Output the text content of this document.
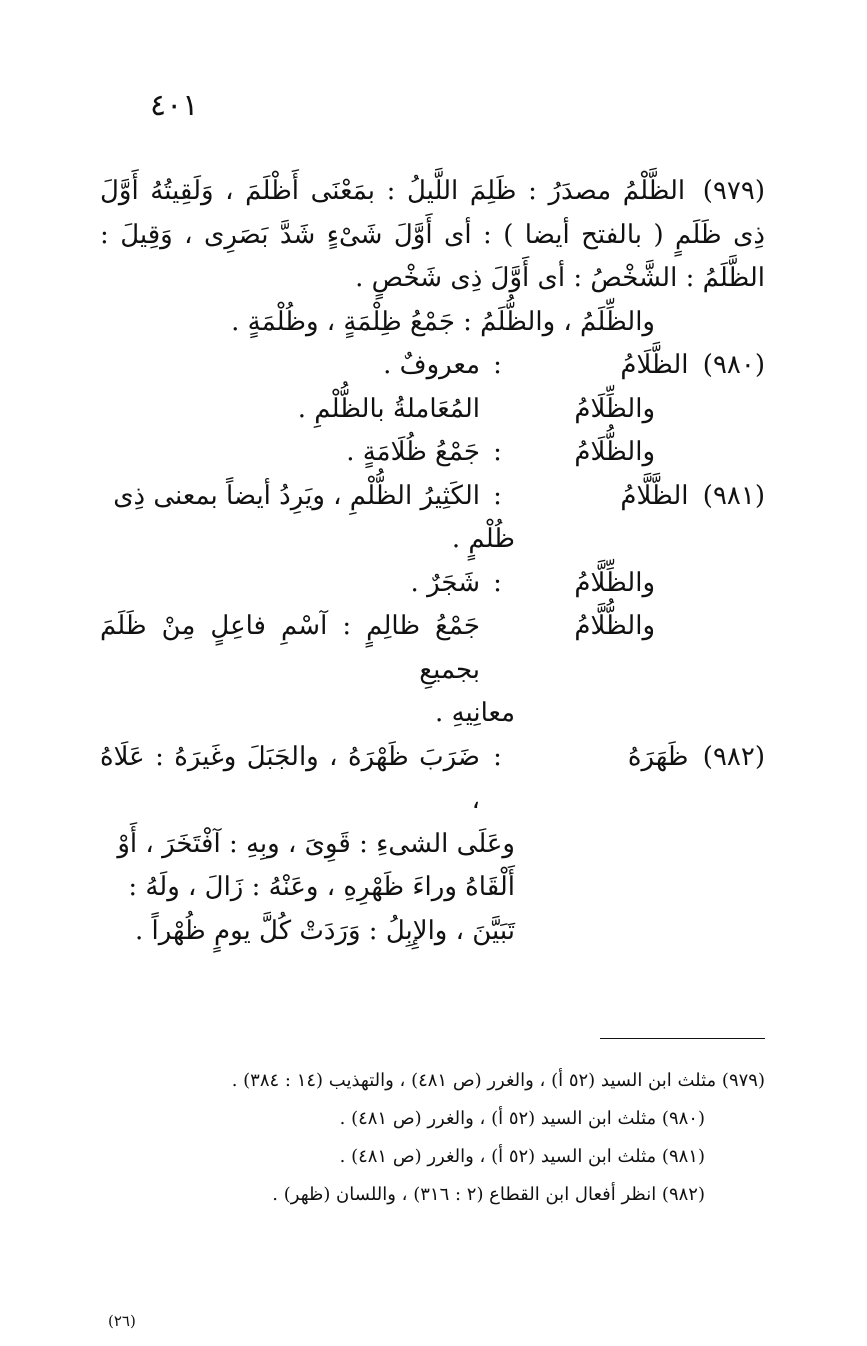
٤٠١

(٩٧٩) الظَّلْمُ مصدَرُ : ظَلِمَ اللَّيلُ : بمَعْنَى أَظْلَمَ ، وَلَقِيتُهُ أَوَّلَ ذِى ظَلَمٍ ( بالفتح أيضا ) : أى أَوَّلَ شَىْءٍ شَدَّ بَصَرِى ، وَقِيلَ : الظَّلَمُ : الشَّخْصُ : أى أَوَّلَ ذِى شَخْصٍ .

والظِّلَمُ ، والظُّلَمُ : جَمْعُ ظِلْمَةٍ ، وظُلْمَةٍ .

(٩٨٠) الظَّلَامُ
:
معروفٌ .
والظِّلَامُ
المُعَاملةُ بالظُّلْمِ .
والظُّلَامُ
:
جَمْعُ ظُلَامَةٍ .
(٩٨١) الظَّلَّامُ
:
الكَثِيرُ الظُّلْمِ ، ويَرِدُ أيضاً بمعنى ذِى

ظُلْمٍ .

والظِّلَّامُ
:
شَجَرٌ .
والظُّلَّامُ
جَمْعُ ظالِمٍ : آسْمِ فاعِلٍ مِنْ ظَلَمَ بجميعِ

معانِيهِ .

(٩٨٢) ظَهَرَهُ
:
ضَرَبَ ظَهْرَهُ ، والجَبَلَ وغَيرَهُ : عَلَاهُ ،

وعَلَى الشىءِ : قَوِىَ ، وبِهِ : آفْتَخَرَ ، أَوْ

أَلْقَاهُ وراءَ ظَهْرِهِ ، وعَنْهُ : زَالَ ، ولَهُ :

تَبَيَّنَ ، والإِبِلُ : وَرَدَتْ كُلَّ يومٍ ظُهْراً .

(٩٧٩) مثلث ابن السيد (٥٢ أ) ، والغرر (ص ٤٨١) ، والتهذيب (١٤ : ٣٨٤) .

(٩٨٠) مثلث ابن السيد (٥٢ أ) ، والغرر (ص ٤٨١) .

(٩٨١) مثلث ابن السيد (٥٢ أ) ، والغرر (ص ٤٨١) .

(٩٨٢) انظر أفعال ابن القطاع (٢ : ٣١٦) ، واللسان (ظهر) .

(٢٦)
